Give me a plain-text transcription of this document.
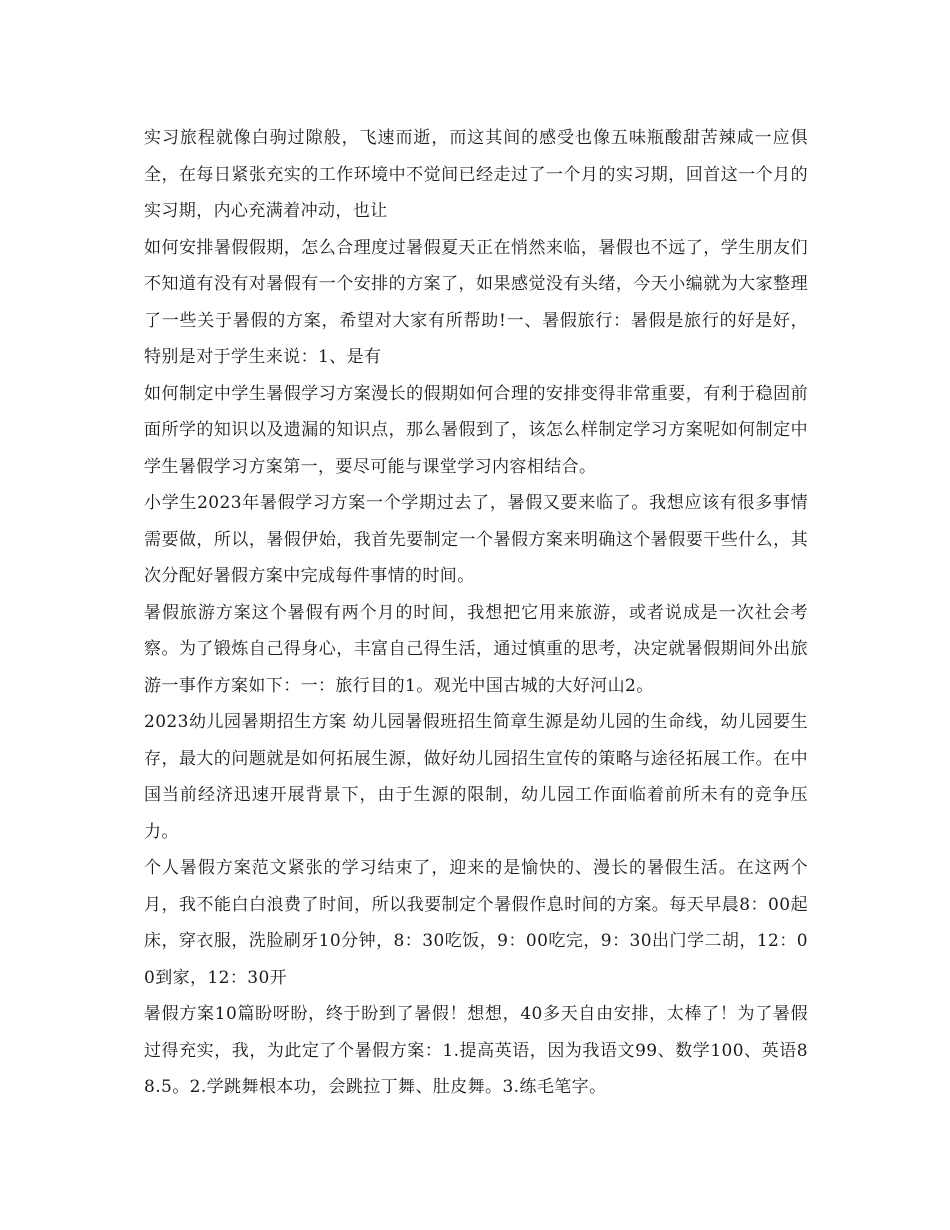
实习旅程就像白驹过隙般，飞速而逝，而这其间的感受也像五味瓶酸甜苦辣咸一应俱全，在每日紧张充实的工作环境中不觉间已经走过了一个月的实习期，回首这一个月的实习期，内心充满着冲动，也让

如何安排暑假假期，怎么合理度过暑假夏天正在悄然来临，暑假也不远了，学生朋友们不知道有没有对暑假有一个安排的方案了，如果感觉没有头绪，今天小编就为大家整理了一些关于暑假的方案，希望对大家有所帮助!一、暑假旅行：暑假是旅行的好是好，特别是对于学生来说：1、是有

如何制定中学生暑假学习方案漫长的假期如何合理的安排变得非常重要，有利于稳固前面所学的知识以及遗漏的知识点，那么暑假到了，该怎么样制定学习方案呢如何制定中学生暑假学习方案第一，要尽可能与课堂学习内容相结合。

小学生2023年暑假学习方案一个学期过去了，暑假又要来临了。我想应该有很多事情需要做，所以，暑假伊始，我首先要制定一个暑假方案来明确这个暑假要干些什么，其次分配好暑假方案中完成每件事情的时间。

暑假旅游方案这个暑假有两个月的时间，我想把它用来旅游，或者说成是一次社会考察。为了锻炼自己得身心，丰富自己得生活，通过慎重的思考，决定就暑假期间外出旅游一事作方案如下：一：旅行目的1。观光中国古城的大好河山2。

2023幼儿园暑期招生方案 幼儿园暑假班招生简章生源是幼儿园的生命线，幼儿园要生存，最大的问题就是如何拓展生源，做好幼儿园招生宣传的策略与途径拓展工作。在中国当前经济迅速开展背景下，由于生源的限制，幼儿园工作面临着前所未有的竞争压力。

个人暑假方案范文紧张的学习结束了，迎来的是愉快的、漫长的暑假生活。在这两个月，我不能白白浪费了时间，所以我要制定个暑假作息时间的方案。每天早晨8：00起床，穿衣服，洗脸刷牙10分钟，8：30吃饭，9：00吃完，9：30出门学二胡，12：00到家，12：30开

暑假方案10篇盼呀盼，终于盼到了暑假！想想，40多天自由安排，太棒了！为了暑假过得充实，我，为此定了个暑假方案：1.提高英语，因为我语文99、数学100、英语88.5。2.学跳舞根本功，会跳拉丁舞、肚皮舞。3.练毛笔字。
